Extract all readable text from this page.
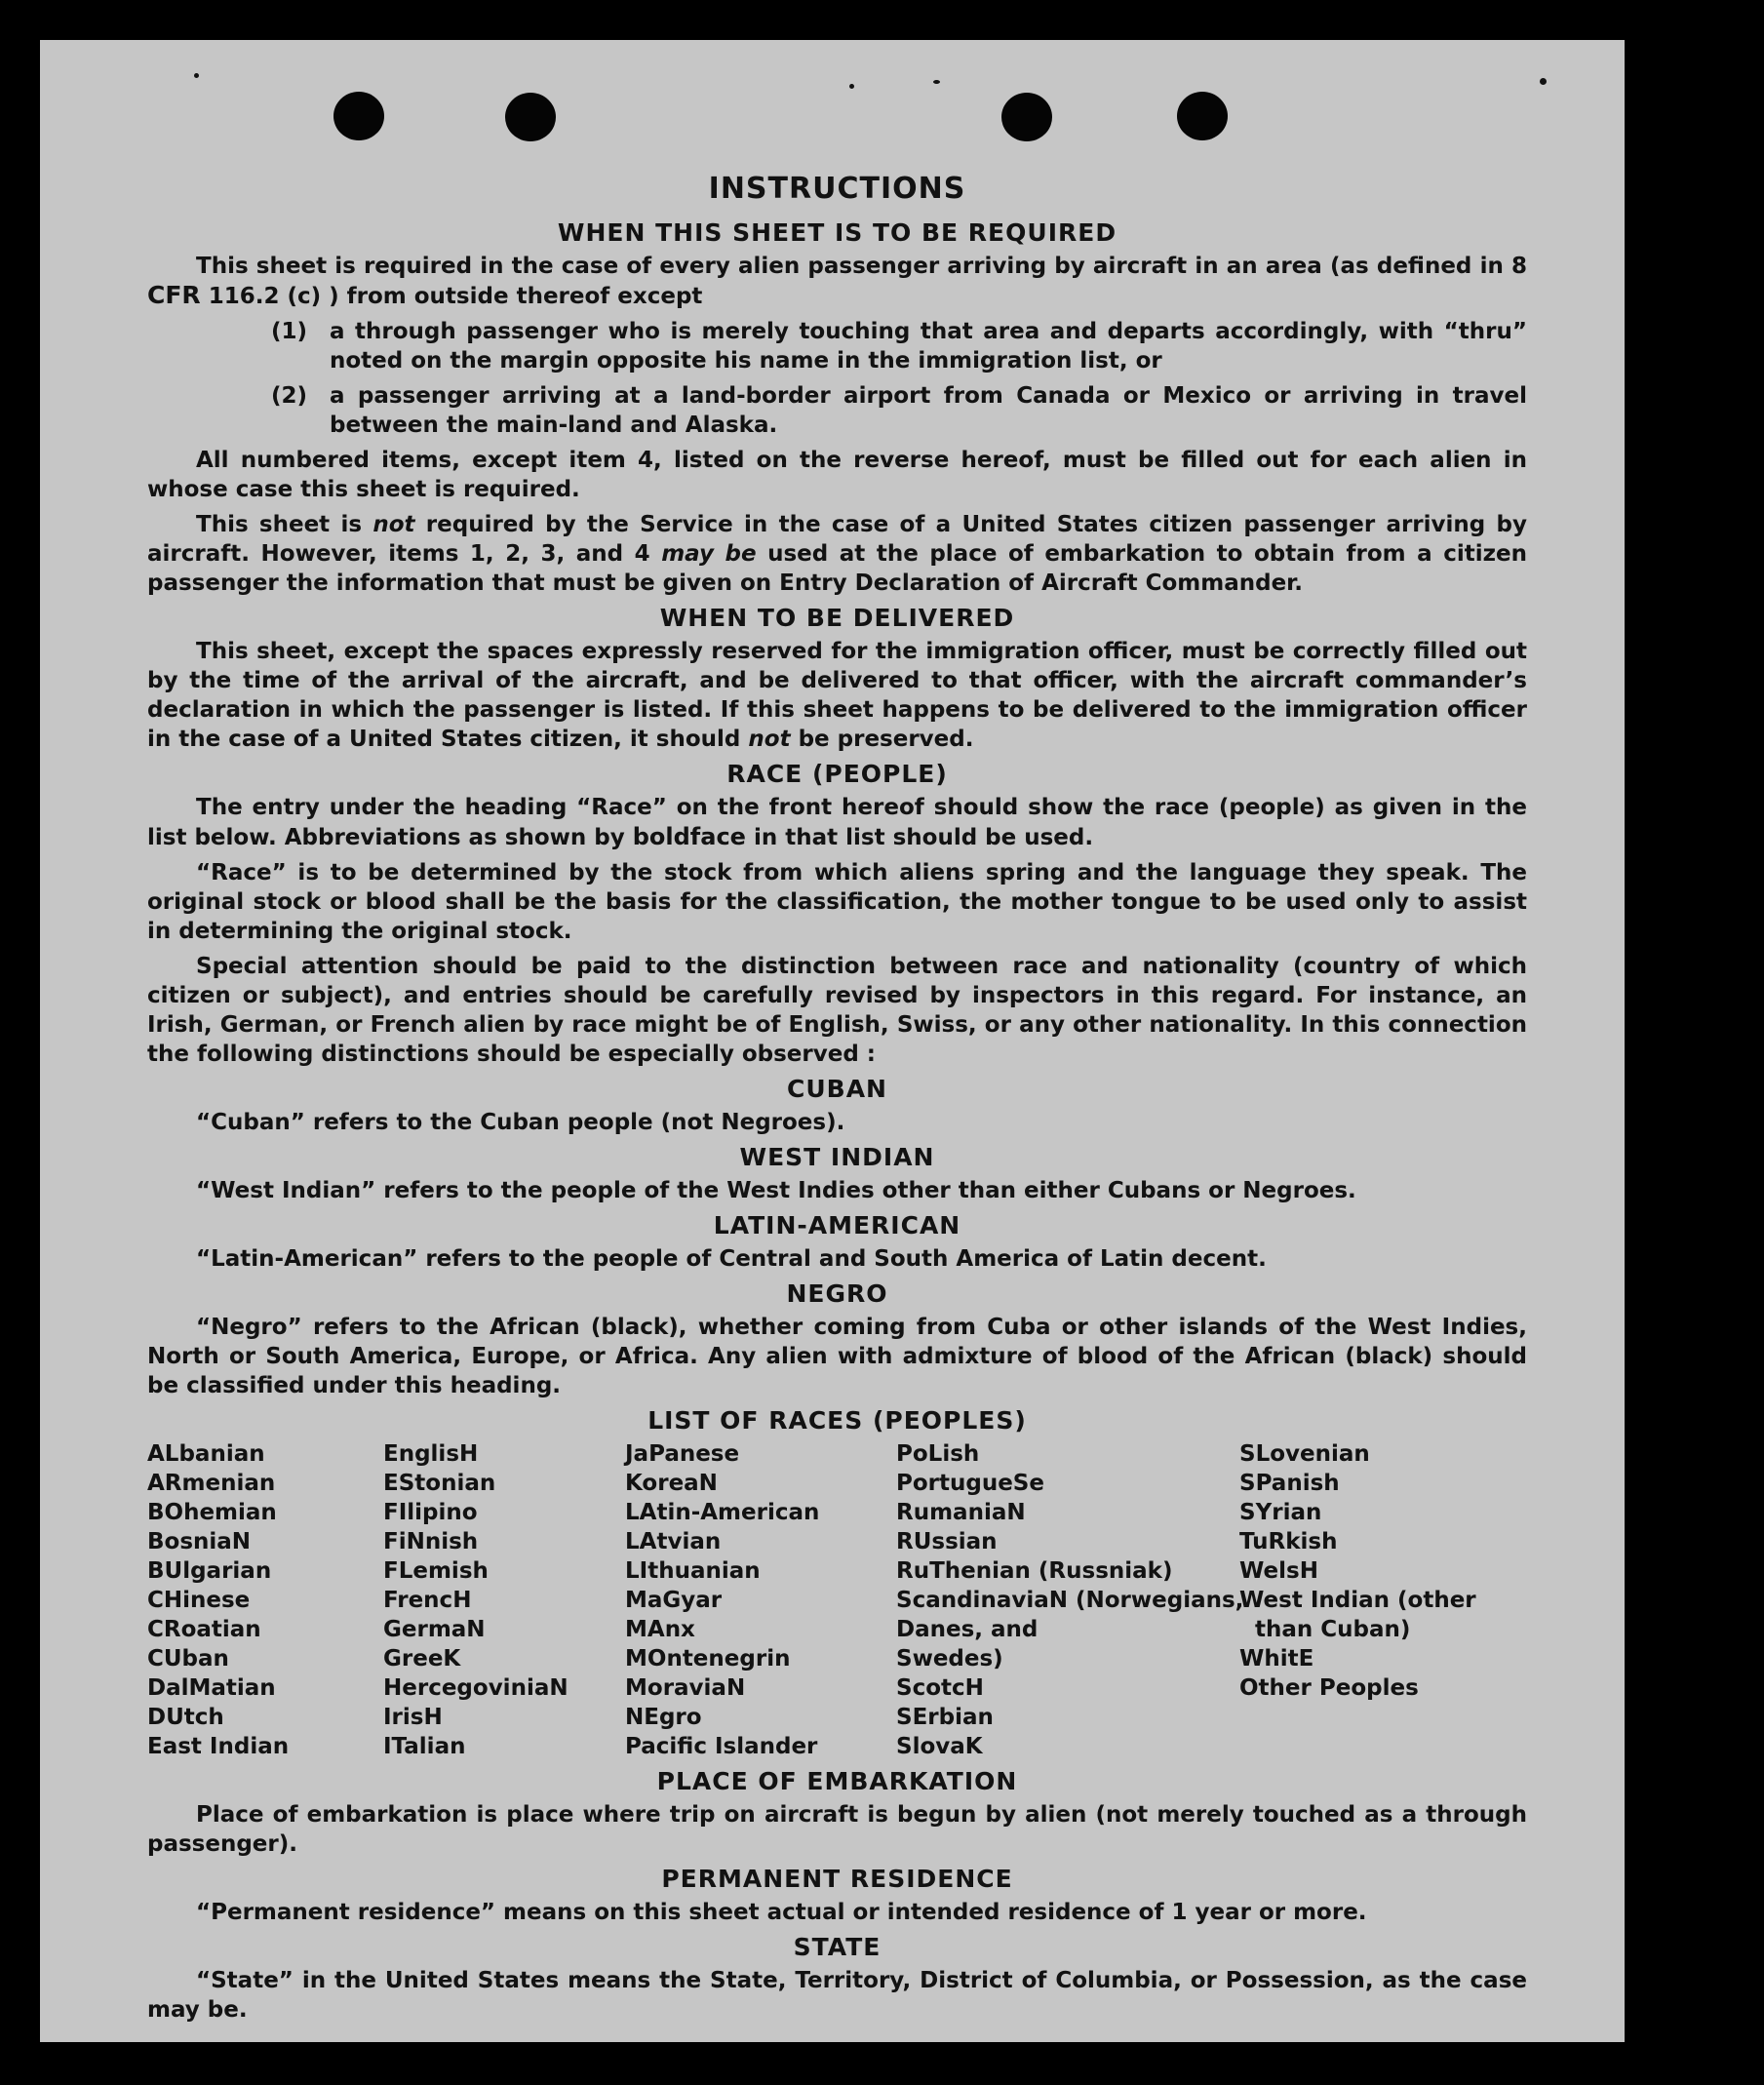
INSTRUCTIONS
WHEN THIS SHEET IS TO BE REQUIRED

This sheet is required in the case of every alien passenger arriving by aircraft in an area (as defined in 8 CFR 116.2 (c) ) from outside thereof except

(1) a through passenger who is merely touching that area and departs accordingly, with “thru” noted on the margin opposite his name in the immigration list, or
(2) a passenger arriving at a land-border airport from Canada or Mexico or arriving in travel between the main-land and Alaska.

All numbered items, except item 4, listed on the reverse hereof, must be filled out for each alien in whose case this sheet is required.

This sheet is not required by the Service in the case of a United States citizen passenger arriving by aircraft. However, items 1, 2, 3, and 4 may be used at the place of embarkation to obtain from a citizen passenger the information that must be given on Entry Declaration of Aircraft Commander.

WHEN TO BE DELIVERED

This sheet, except the spaces expressly reserved for the immigration officer, must be correctly filled out by the time of the arrival of the aircraft, and be delivered to that officer, with the aircraft commander’s declaration in which the passenger is listed. If this sheet happens to be delivered to the immigration officer in the case of a United States citizen, it should not be preserved.

RACE (PEOPLE)

The entry under the heading “Race” on the front hereof should show the race (people) as given in the list below. Abbreviations as shown by boldface in that list should be used.

“Race” is to be determined by the stock from which aliens spring and the language they speak. The original stock or blood shall be the basis for the classification, the mother tongue to be used only to assist in determining the original stock.

Special attention should be paid to the distinction between race and nationality (country of which citizen or subject), and entries should be carefully revised by inspectors in this regard. For instance, an Irish, German, or French alien by race might be of English, Swiss, or any other nationality. In this connection the following distinctions should be especially observed :

CUBAN

“Cuban” refers to the Cuban people (not Negroes).

WEST INDIAN

“West Indian” refers to the people of the West Indies other than either Cubans or Negroes.

LATIN-AMERICAN

“Latin-American” refers to the people of Central and South America of Latin decent.

NEGRO

“Negro” refers to the African (black), whether coming from Cuba or other islands of the West Indies, North or South America, Europe, or Africa. Any alien with admixture of blood of the African (black) should be classified under this heading.

LIST OF RACES (PEOPLES)
ALbanian
ARmenian
BOhemian
BosniaN
BUlgarian
CHinese
CRoatian
CUban
DalMatian
DUtch
East Indian
EnglisH
EStonian
FIlipino
FiNnish
FLemish
FrencH
GermaN
GreeK
HercegoviniaN
IrisH
ITalian
JaPanese
KoreaN
LAtin-American
LAtvian
LIthuanian
MaGyar
MAnx
MOntenegrin
MoraviaN
NEgro
Pacific Islander
PoLish
PortugueSe
RumaniaN
RUssian
RuThenian (Russniak)
ScandinaviaN (Norwegians,
Danes, and
Swedes)
ScotcH
SErbian
SlovaK
SLovenian
SPanish
SYrian
TuRkish
WelsH
West Indian (other
than Cuban)
WhitE
Other Peoples
PLACE OF EMBARKATION

Place of embarkation is place where trip on aircraft is begun by alien (not merely touched as a through passenger).

PERMANENT RESIDENCE

“Permanent residence” means on this sheet actual or intended residence of 1 year or more.

STATE

“State” in the United States means the State, Territory, District of Columbia, or Possession, as the case may be.
